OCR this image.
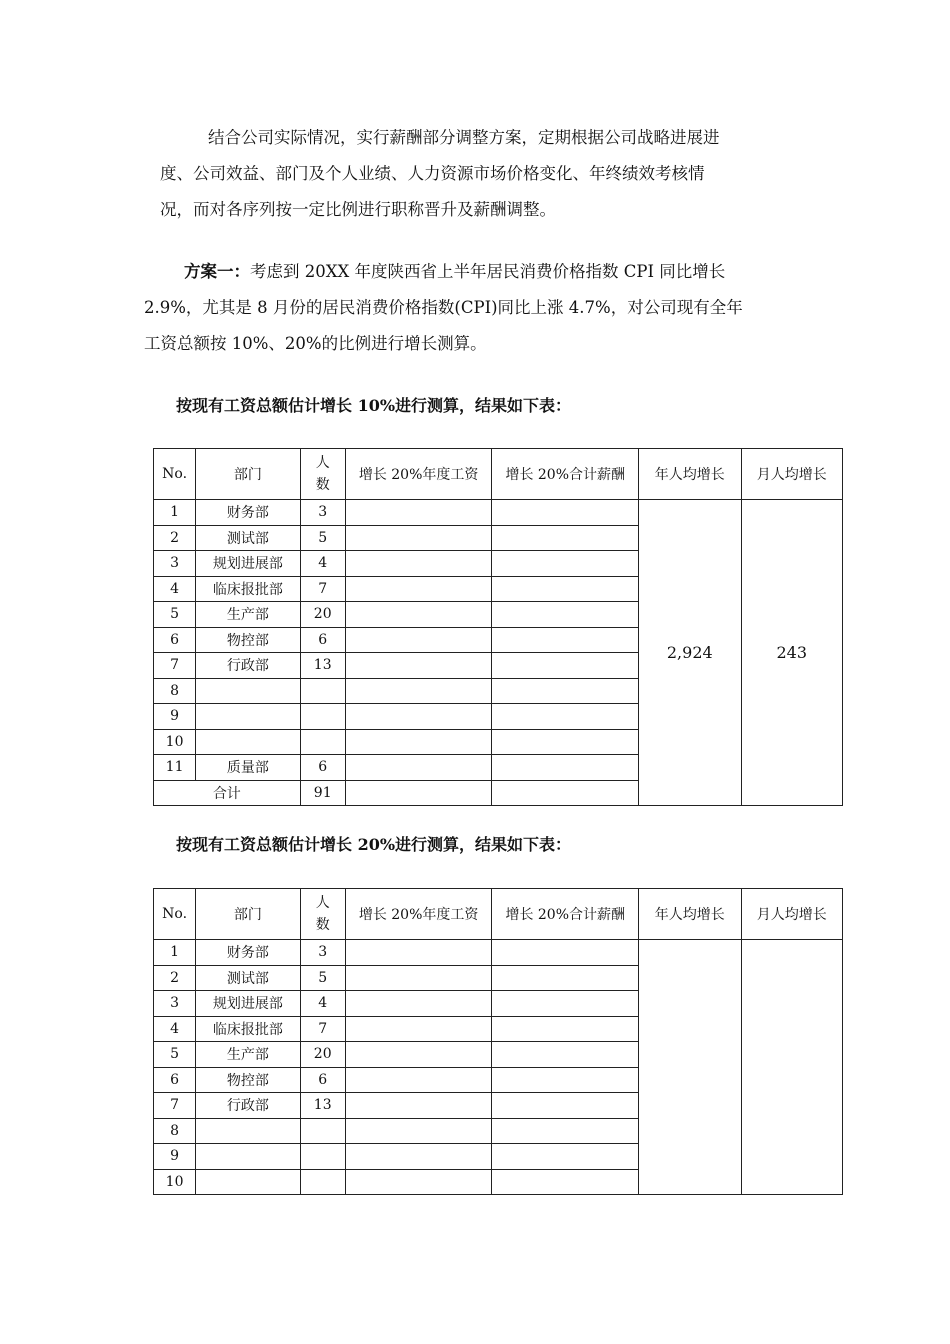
结合公司实际情况，实行薪酬部分调整方案，定期根据公司战略进展进
度、公司效益、部门及个人业绩、人力资源市场价格变化、年终绩效考核情
况，而对各序列按一定比例进行职称晋升及薪酬调整。
方案一：考虑到 20XX 年度陕西省上半年居民消费价格指数 CPI 同比增长
2.9%，尤其是 8 月份的居民消费价格指数(CPI)同比上涨 4.7%，对公司现有全年
工资总额按 10%、20%的比例进行增长测算。

按现有工资总额估计增长 10%进行测算，结果如下表：

No.	部门	人
数	增长 20%年度工资	增长 20%合计薪酬	年人均增长	月人均增长
1	财务部	3			2,924	243
2	测试部	5				
3	规划进展部	4				
4	临床报批部	7				
5	生产部	20				
6	物控部	6				
7	行政部	13				
8						
9						
10						
11	质量部	6				
合计		91				

按现有工资总额估计增长 20%进行测算，结果如下表：

No.	部门	人
数	增长 20%年度工资	增长 20%合计薪酬	年人均增长	月人均增长
1	财务部	3				
2	测试部	5				
3	规划进展部	4				
4	临床报批部	7				
5	生产部	20				
6	物控部	6				
7	行政部	13				
8						
9						
10						
